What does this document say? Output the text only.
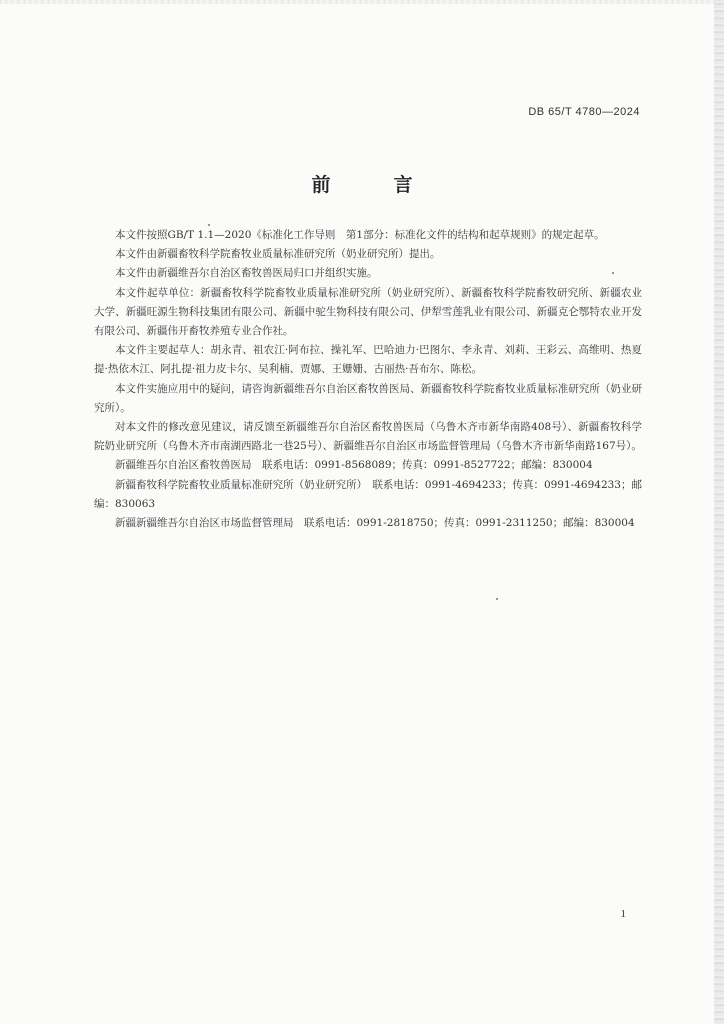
DB 65/T 4780—2024
前　言

本文件按照GB/T 1.1—2020《标准化工作导则　第1部分：标准化文件的结构和起草规则》的规定起草。

本文件由新疆畜牧科学院畜牧业质量标准研究所（奶业研究所）提出。

本文件由新疆维吾尔自治区畜牧兽医局归口并组织实施。

本文件起草单位：新疆畜牧科学院畜牧业质量标准研究所（奶业研究所）、新疆畜牧科学院畜牧研究所、新疆农业大学、新疆旺源生物科技集团有限公司、新疆中驼生物科技有限公司、伊犁雪莲乳业有限公司、新疆克仑鄂特农业开发有限公司、新疆伟开畜牧养殖专业合作社。

本文件主要起草人：胡永青、祖农江·阿布拉、操礼军、巴哈迪力·巴图尔、李永青、刘莉、王彩云、高维明、热夏提·热依木江、阿扎提·祖力皮卡尔、吴利楠、贾娜、王姗姗、古丽热·吾布尔、陈松。

本文件实施应用中的疑问，请咨询新疆维吾尔自治区畜牧兽医局、新疆畜牧科学院畜牧业质量标准研究所（奶业研究所）。

对本文件的修改意见建议，请反馈至新疆维吾尔自治区畜牧兽医局（乌鲁木齐市新华南路408号）、新疆畜牧科学院奶业研究所（乌鲁木齐市南湖西路北一巷25号）、新疆维吾尔自治区市场监督管理局（乌鲁木齐市新华南路167号）。

新疆维吾尔自治区畜牧兽医局　联系电话：0991-8568089；传真：0991-8527722；邮编：830004

新疆畜牧科学院畜牧业质量标准研究所（奶业研究所）　联系电话：0991-4694233；传真：0991-4694233；邮编：830063

新疆新疆维吾尔自治区市场监督管理局　联系电话：0991-2818750；传真：0991-2311250；邮编：830004

1
